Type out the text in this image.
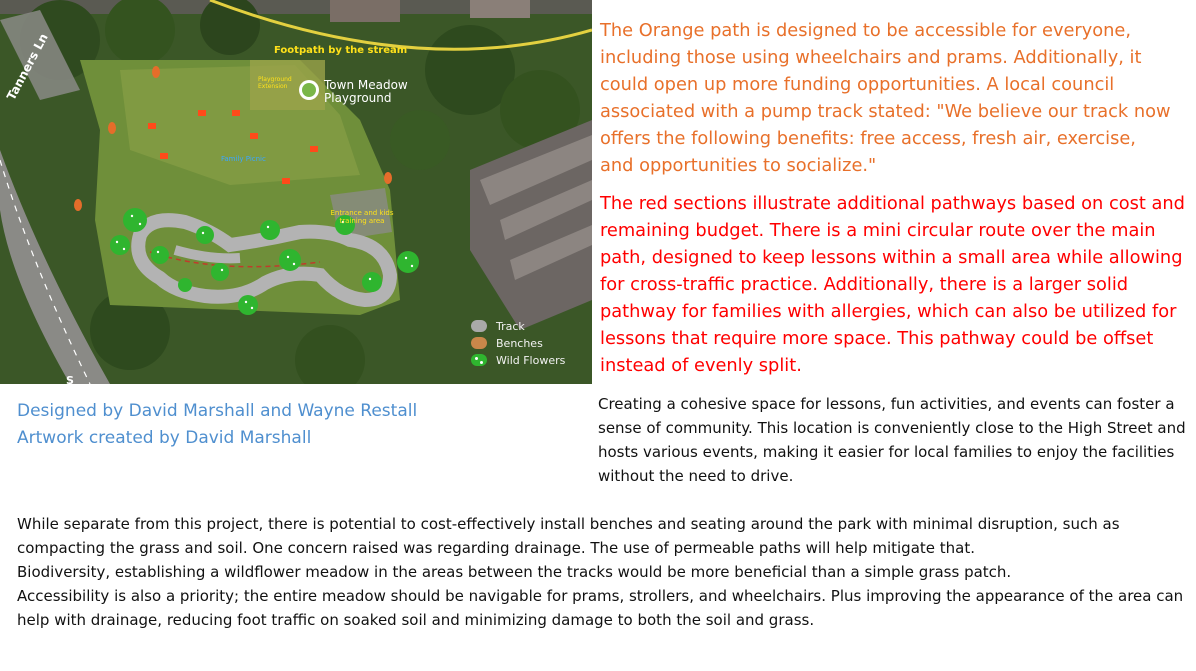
Tanners Ln	Footpath by the stream
Playground Extension	Town Meadow Playground
Family Picnic
Entrance and kids training area
S
Track
Benches
Wild Flowers

The Orange path is designed to be accessible for everyone, including those using wheelchairs and prams. Additionally, it could open up more funding opportunities. A local council associated with a pump track stated: "We believe our track now offers the following benefits: free access, fresh air, exercise, and opportunities to socialize."

The red sections illustrate additional pathways based on cost and remaining budget. There is a mini circular route over the main path, designed to keep lessons within a small area while allowing for cross-traffic practice. Additionally, there is a larger solid pathway for families with allergies, which can also be utilized for lessons that require more space. This pathway could be offset instead of evenly split.

Designed by David Marshall and Wayne Restall
Artwork created by David Marshall

Creating a cohesive space for lessons, fun activities, and events can foster a sense of community. This location is conveniently close to the High Street and hosts various events, making it easier for local families to enjoy the facilities without the need to drive.

While separate from this project, there is potential to cost-effectively install benches and seating around the park with minimal disruption, such as compacting the grass and soil. One concern raised was regarding drainage. The use of permeable paths will help mitigate that.

Biodiversity, establishing a wildflower meadow in the areas between the tracks would be more beneficial than a simple grass patch.

Accessibility is also a priority; the entire meadow should be navigable for prams, strollers, and wheelchairs. Plus improving the appearance of the area can help with drainage, reducing foot traffic on soaked soil and minimizing damage to both the soil and grass.
